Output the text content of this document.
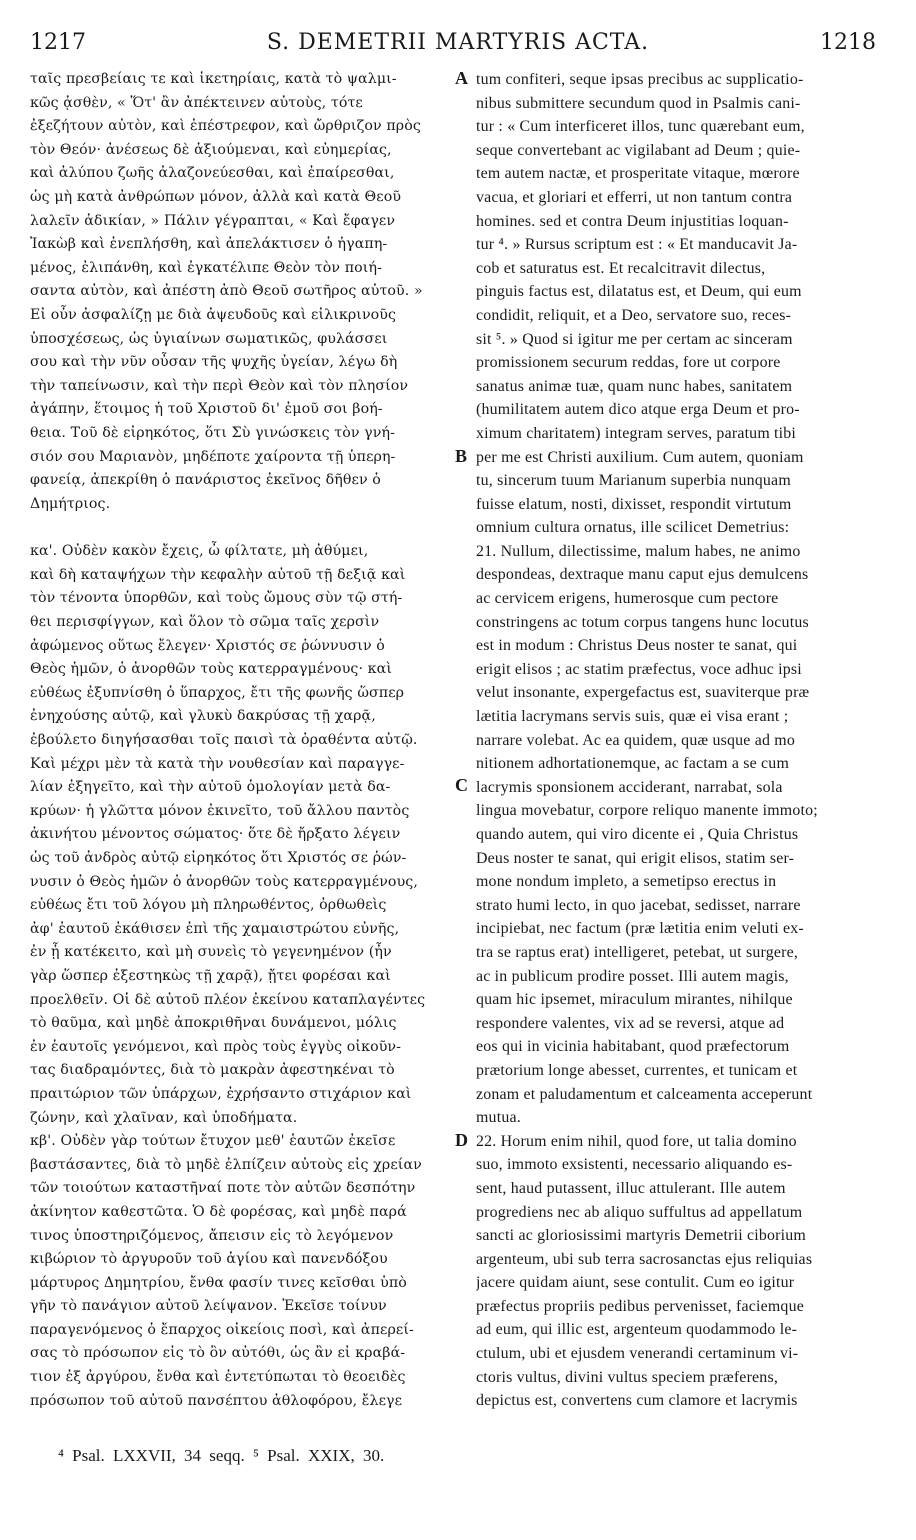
S. DEMETRII MARTYRIS ACTA.
1217	1218
ταῖς πρεσβείαις τε καὶ ἱκετηρίαις, κατὰ τὸ ψαλμι-
κῶς ᾀσθὲν, « Ὅτ' ἂν ἀπέκτεινεν αὐτοὺς, τότε
ἐξεζήτουν αὐτὸν, καὶ ἐπέστρεφον, καὶ ὤρθριζον πρὸς
τὸν Θεόν· ἀνέσεως δὲ ἀξιούμεναι, καὶ εὐημερίας,
καὶ ἀλύπου ζωῆς ἀλαζονεύεσθαι, καὶ ἐπαίρεσθαι,
ὡς μὴ κατὰ ἀνθρώπων μόνον, ἀλλὰ καὶ κατὰ Θεοῦ
λαλεῖν ἀδικίαν, » Πάλιν γέγραπται, « Καὶ ἔφαγεν
Ἰακὼβ καὶ ἐνεπλήσθη, καὶ ἀπελάκτισεν ὁ ἠγαπη-
μένος, ἐλιπάνθη, καὶ ἐγκατέλιπε Θεὸν τὸν ποιή-
σαντα αὐτὸν, καὶ ἀπέστη ἀπὸ Θεοῦ σωτῆρος αὐτοῦ. »
Εἰ οὖν ἀσφαλίζῃ με διὰ ἀψευδοῦς καὶ εἰλικρινοῦς
ὑποσχέσεως, ὡς ὑγιαίνων σωματικῶς, φυλάσσει
σου καὶ τὴν νῦν οὖσαν τῆς ψυχῆς ὑγείαν, λέγω δὴ
τὴν ταπείνωσιν, καὶ τὴν περὶ Θεὸν καὶ τὸν πλησίον
ἀγάπην, ἕτοιμος ἡ τοῦ Χριστοῦ δι' ἐμοῦ σοι βοή-
θεια. Τοῦ δὲ εἰρηκότος, ὅτι Σὺ γινώσκεις τὸν γνή-
σιόν σου Μαριανὸν, μηδέποτε χαίροντα τῇ ὑπερη-
φανείᾳ, ἀπεκρίθη ὁ πανάριστος ἐκεῖνος δῆθεν ὁ
Δημήτριος.
κα'. Οὐδὲν κακὸν ἔχεις, ὦ φίλτατε, μὴ ἀθύμει,
καὶ δὴ καταψήχων τὴν κεφαλὴν αὐτοῦ τῇ δεξιᾷ καὶ
τὸν τένοντα ὑπορθῶν, καὶ τοὺς ὤμους σὺν τῷ στή-
θει περισφίγγων, καὶ ὅλον τὸ σῶμα ταῖς χερσὶν
ἀφώμενος οὕτως ἔλεγεν· Χριστός σε ῥώννυσιν ὁ
Θεὸς ἡμῶν, ὁ ἀνορθῶν τοὺς κατερραγμένους· καὶ
εὐθέως ἐξυπνίσθη ὁ ὕπαρχος, ἔτι τῆς φωνῆς ὥσπερ
ἐνηχούσης αὐτῷ, καὶ γλυκὺ δακρύσας τῇ χαρᾷ,
ἐβούλετο διηγήσασθαι τοῖς παισὶ τὰ ὁραθέντα αὐτῷ.
Καὶ μέχρι μὲν τὰ κατὰ τὴν νουθεσίαν καὶ παραγγε-
λίαν ἐξηγεῖτο, καὶ τὴν αὐτοῦ ὁμολογίαν μετὰ δα-
κρύων· ἡ γλῶττα μόνον ἐκινεῖτο, τοῦ ἄλλου παντὸς
ἀκινήτου μένοντος σώματος· ὅτε δὲ ἤρξατο λέγειν
ὡς τοῦ ἀνδρὸς αὐτῷ εἰρηκότος ὅτι Χριστός σε ῥών-
νυσιν ὁ Θεὸς ἡμῶν ὁ ἀνορθῶν τοὺς κατερραγμένους,
εὐθέως ἔτι τοῦ λόγου μὴ πληρωθέντος, ὀρθωθεὶς
ἀφ' ἑαυτοῦ ἐκάθισεν ἐπὶ τῆς χαμαιστρώτου εὐνῆς,
ἐν ᾗ κατέκειτο, καὶ μὴ συνεὶς τὸ γεγενημένον (ἦν
γὰρ ὥσπερ ἐξεστηκὼς τῇ χαρᾷ), ᾔτει φορέσαι καὶ
προελθεῖν. Οἱ δὲ αὐτοῦ πλέον ἐκείνου καταπλαγέντες
τὸ θαῦμα, καὶ μηδὲ ἀποκριθῆναι δυνάμενοι, μόλις
ἐν ἑαυτοῖς γενόμενοι, καὶ πρὸς τοὺς ἐγγὺς οἰκοῦν-
τας διαδραμόντες, διὰ τὸ μακρὰν ἀφεστηκέναι τὸ
πραιτώριον τῶν ὑπάρχων, ἐχρήσαντο στιχάριον καὶ
ζώνην, καὶ χλαῖναν, καὶ ὑποδήματα.
κβ'. Οὐδὲν γὰρ τούτων ἔτυχον μεθ' ἑαυτῶν ἐκεῖσε
βαστάσαντες, διὰ τὸ μηδὲ ἐλπίζειν αὐτοὺς εἰς χρείαν
τῶν τοιούτων καταστῆναί ποτε τὸν αὐτῶν δεσπότην
ἀκίνητον καθεστῶτα. Ὁ δὲ φορέσας, καὶ μηδὲ παρά
τινος ὑποστηριζόμενος, ἄπεισιν εἰς τὸ λεγόμενον
κιβώριον τὸ ἀργυροῦν τοῦ ἁγίου καὶ πανενδόξου
μάρτυρος Δημητρίου, ἔνθα φασίν τινες κεῖσθαι ὑπὸ
γῆν τὸ πανάγιον αὐτοῦ λείψανον. Ἐκεῖσε τοίνυν
παραγενόμενος ὁ ἔπαρχος οἰκείοις ποσὶ, καὶ ἀπερεί-
σας τὸ πρόσωπον εἰς τὸ ὂν αὐτόθι, ὡς ἂν εἰ κραβά-
τιον ἐξ ἀργύρου, ἔνθα καὶ ἐντετύπωται τὸ θεοειδὲς
πρόσωπον τοῦ αὐτοῦ πανσέπτου ἀθλοφόρου, ἔλεγε
tum confiteri, seque ipsas precibus ac supplicatio-
nibus submittere secundum quod in Psalmis cani-
tur : « Cum interficeret illos, tunc quærebant eum,
seque convertebant ac vigilabant ad Deum ; quie-
tem autem nactæ, et prosperitate vitaque, mœrore
vacua, et gloriari et efferri, ut non tantum contra
homines. sed et contra Deum injustitias loquan-
tur ⁴. » Rursus scriptum est : « Et manducavit Ja-
cob et saturatus est. Et recalcitravit dilectus,
pinguis factus est, dilatatus est, et Deum, qui eum
condidit, reliquit, et a Deo, servatore suo, reces-
sit ⁵. » Quod si igitur me per certam ac sinceram
promissionem securum reddas, fore ut corpore
sanatus animæ tuæ, quam nunc habes, sanitatem
(humilitatem autem dico atque erga Deum et pro-
ximum charitatem) integram serves, paratum tibi
per me est Christi auxilium. Cum autem, quoniam
tu, sincerum tuum Marianum superbia nunquam
fuisse elatum, nosti, dixisset, respondit virtutum
omnium cultura ornatus, ille scilicet Demetrius:
21. Nullum, dilectissime, malum habes, ne animo
despondeas, dextraque manu caput ejus demulcens
ac cervicem erigens, humerosque cum pectore
constringens ac totum corpus tangens hunc locutus
est in modum : Christus Deus noster te sanat, qui
erigit elisos ; ac statim præfectus, voce adhuc ipsi
velut insonante, expergefactus est, suaviterque præ
lætitia lacrymans servis suis, quæ ei visa erant ;
narrare volebat. Ac ea quidem, quæ usque ad mo
nitionem adhortationemque, ac factam a se cum
lacrymis sponsionem acciderant, narrabat, sola
lingua movebatur, corpore reliquo manente immoto;
quando autem, qui viro dicente ei , Quia Christus
Deus noster te sanat, qui erigit elisos, statim ser-
mone nondum impleto, a semetipso erectus in
strato humi lecto, in quo jacebat, sedisset, narrare
incipiebat, nec factum (præ lætitia enim veluti ex-
tra se raptus erat) intelligeret, petebat, ut surgere,
ac in publicum prodire posset. Illi autem magis,
quam hic ipsemet, miraculum mirantes, nihilque
respondere valentes, vix ad se reversi, atque ad
eos qui in vicinia habitabant, quod præfectorum
prætorium longe abesset, currentes, et tunicam et
zonam et paludamentum et calceamenta acceperunt
mutua.
22. Horum enim nihil, quod fore, ut talia domino
suo, immoto exsistenti, necessario aliquando es-
sent, haud putassent, illuc attulerant. Ille autem
progrediens nec ab aliquo suffultus ad appellatum
sancti ac gloriosissimi martyris Demetrii ciborium
argenteum, ubi sub terra sacrosanctas ejus reliquias
jacere quidam aiunt, sese contulit. Cum eo igitur
præfectus propriis pedibus pervenisset, faciemque
ad eum, qui illic est, argenteum quodammodo le-
ctulum, ubi et ejusdem venerandi certaminum vi-
ctoris vultus, divini vultus speciem præferens,
depictus est, convertens cum clamore et lacrymis
A
B
C
D
⁴ Psal. LXXVII, 34 seqq. ⁵ Psal. XXIX, 30.
